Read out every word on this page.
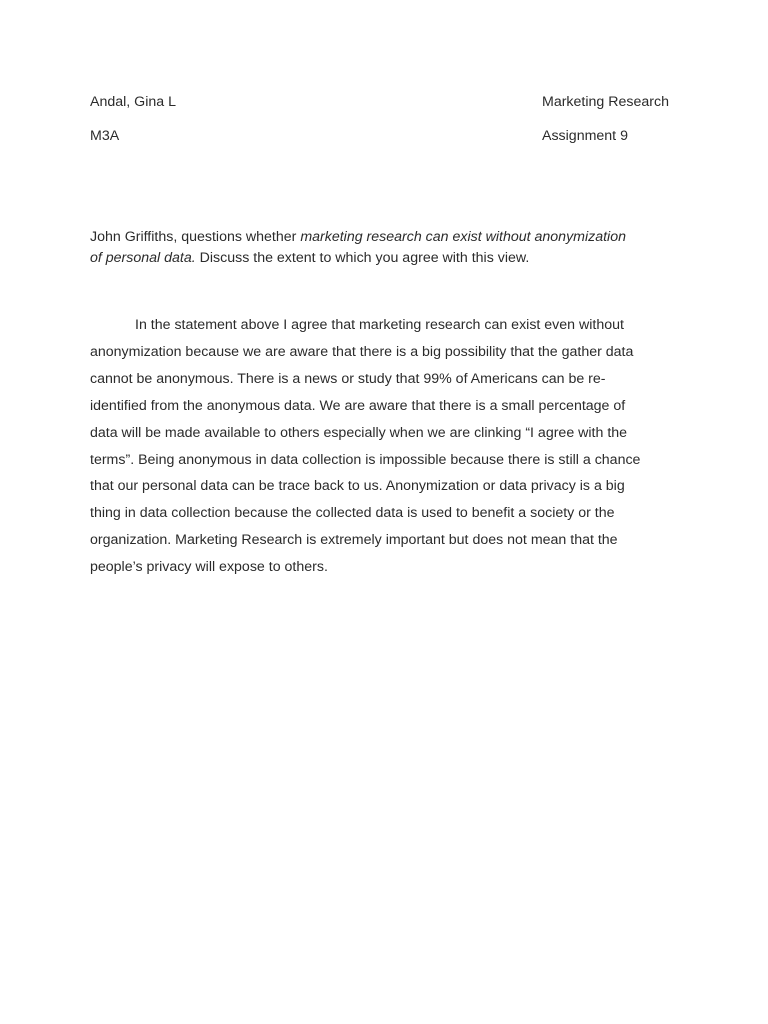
Andal, Gina L	Marketing Research
M3A	Assignment 9
John Griffiths, questions whether marketing research can exist without anonymization
of personal data. Discuss the extent to which you agree with this view.
In the statement above I agree that marketing research can exist even without
anonymization because we are aware that there is a big possibility that the gather data
cannot be anonymous. There is a news or study that 99% of Americans can be re-
identified from the anonymous data. We are aware that there is a small percentage of
data will be made available to others especially when we are clinking “I agree with the
terms”. Being anonymous in data collection is impossible because there is still a chance
that our personal data can be trace back to us. Anonymization or data privacy is a big
thing in data collection because the collected data is used to benefit a society or the
organization. Marketing Research is extremely important but does not mean that the
people’s privacy will expose to others.
